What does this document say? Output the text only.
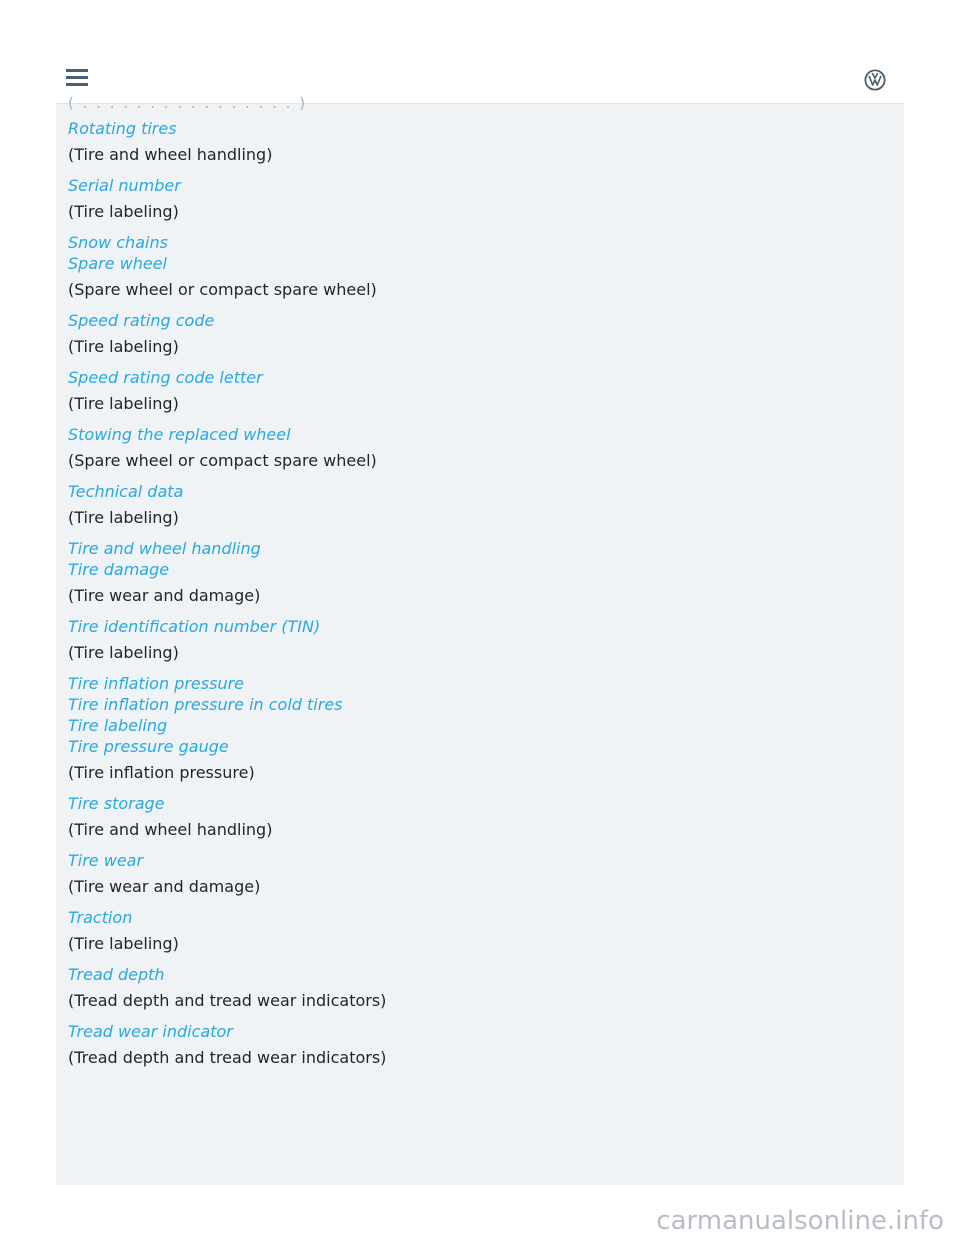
( . . . . . . . . . . . . . . . . )
Rotating tires
(Tire and wheel handling)
Serial number
(Tire labeling)
Snow chains
Spare wheel
(Spare wheel or compact spare wheel)
Speed rating code
(Tire labeling)
Speed rating code letter
(Tire labeling)
Stowing the replaced wheel
(Spare wheel or compact spare wheel)
Technical data
(Tire labeling)
Tire and wheel handling
Tire damage
(Tire wear and damage)
Tire identification number (TIN)
(Tire labeling)
Tire inflation pressure
Tire inflation pressure in cold tires
Tire labeling
Tire pressure gauge
(Tire inflation pressure)
Tire storage
(Tire and wheel handling)
Tire wear
(Tire wear and damage)
Traction
(Tire labeling)
Tread depth
(Tread depth and tread wear indicators)
Tread wear indicator
(Tread depth and tread wear indicators)
carmanualsonline.info
